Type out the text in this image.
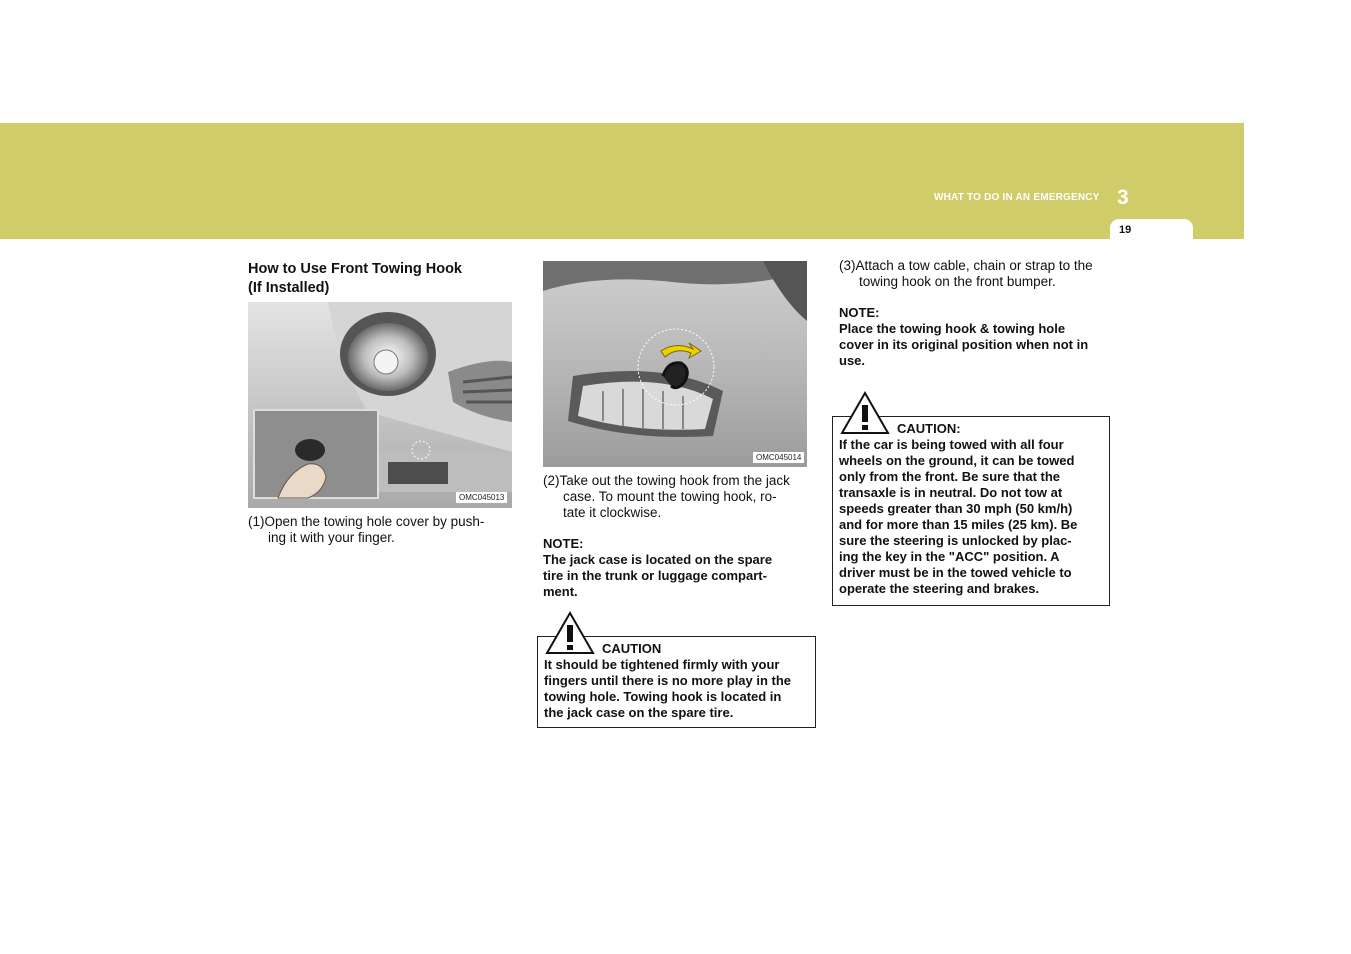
WHAT TO DO IN AN EMERGENCY 3
19
How to Use Front Towing Hook
(If Installed)
OMC045013
(1)Open the towing hole cover by push-
ing it with your finger.
OMC045014
(2)Take out the towing hook from the jack
case. To mount the towing hook, ro-
tate it clockwise.
NOTE:
The jack case is located on the spare
tire in the trunk or luggage compart-
ment.
CAUTION
It should be tightened firmly with your
fingers until there is no more play in the
towing hole. Towing hook is located in
the jack case on the spare tire.
(3)Attach a tow cable, chain or strap to the
towing hook on the front bumper.
NOTE:
Place the towing hook & towing hole
cover in its original position when not in
use.
CAUTION:
If the car is being towed with all four
wheels on the ground, it can be towed
only from the front. Be sure that the
transaxle is in neutral. Do not tow at
speeds greater than 30 mph (50 km/h)
and for more than 15 miles (25 km). Be
sure the steering is unlocked by plac-
ing the key in the "ACC" position. A
driver must be in the towed vehicle to
operate the steering and brakes.
